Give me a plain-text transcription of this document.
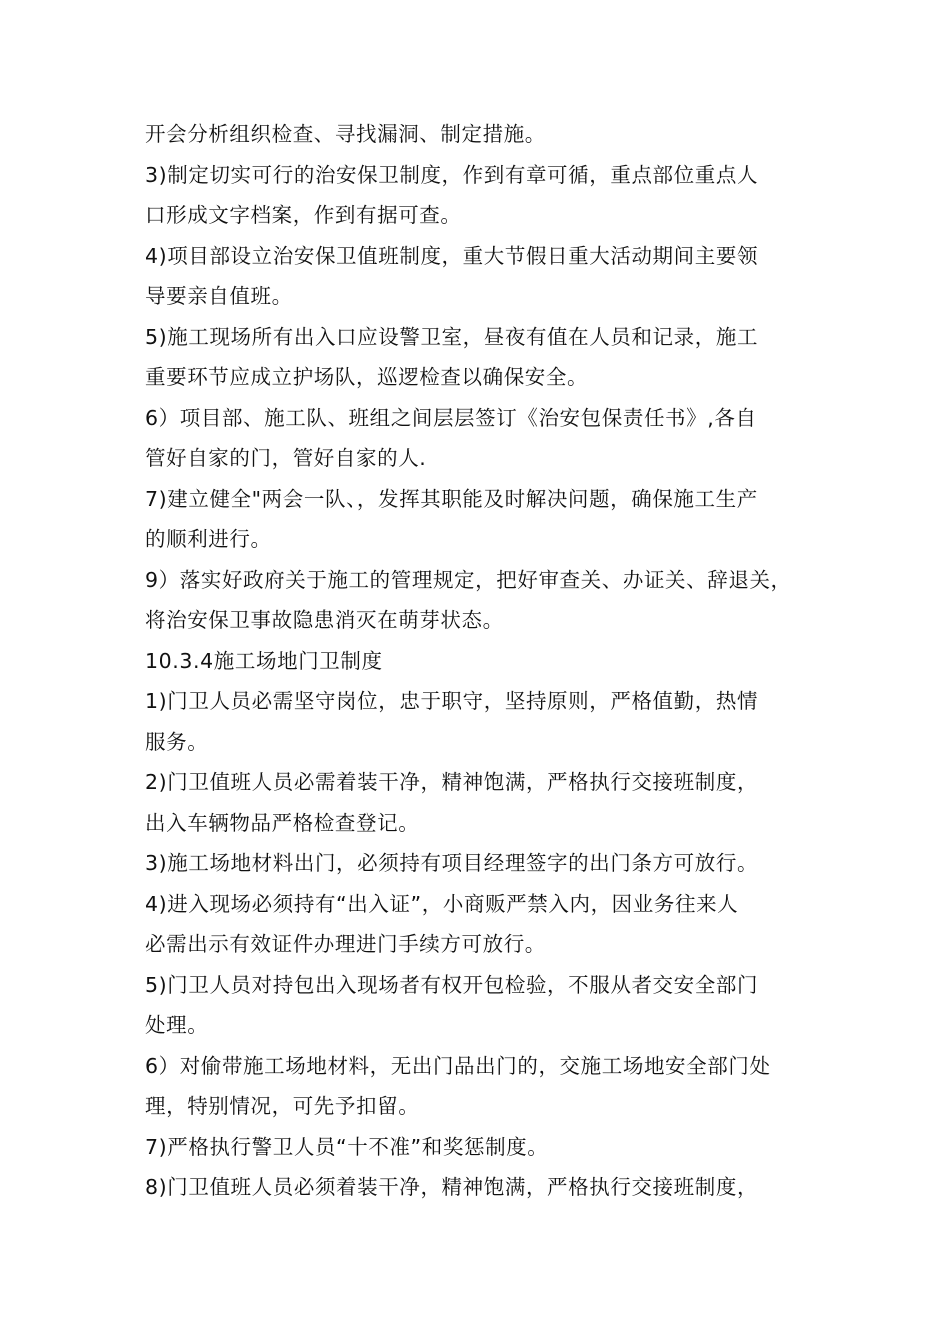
开会分析组织检查、寻找漏洞、制定措施。
3)制定切实可行的治安保卫制度，作到有章可循，重点部位重点人
口形成文字档案，作到有据可查。
4)项目部设立治安保卫值班制度，重大节假日重大活动期间主要领
导要亲自值班。
5)施工现场所有出入口应设警卫室，昼夜有值在人员和记录，施工
重要环节应成立护场队，巡逻检查以确保安全。
6）项目部、施工队、班组之间层层签订《治安包保责任书》,各自
管好自家的门，管好自家的人.
7)建立健全"两会一队、，发挥其职能及时解决问题，确保施工生产
的顺利进行。
9）落实好政府关于施工的管理规定，把好审查关、办证关、辞退关，
将治安保卫事故隐患消灭在萌芽状态。
10.3.4施工场地门卫制度
1)门卫人员必需坚守岗位，忠于职守，坚持原则，严格值勤，热情
服务。
2)门卫值班人员必需着装干净，精神饱满，严格执行交接班制度，
出入车辆物品严格检查登记。
3)施工场地材料出门，必须持有项目经理签字的出门条方可放行。
4)进入现场必须持有“出入证”，小商贩严禁入内，因业务往来人
必需出示有效证件办理进门手续方可放行。
5)门卫人员对持包出入现场者有权开包检验，不服从者交安全部门
处理。
6）对偷带施工场地材料，无出门品出门的，交施工场地安全部门处
理，特别情况，可先予扣留。
7)严格执行警卫人员“十不准”和奖惩制度。
8)门卫值班人员必须着装干净，精神饱满，严格执行交接班制度，
